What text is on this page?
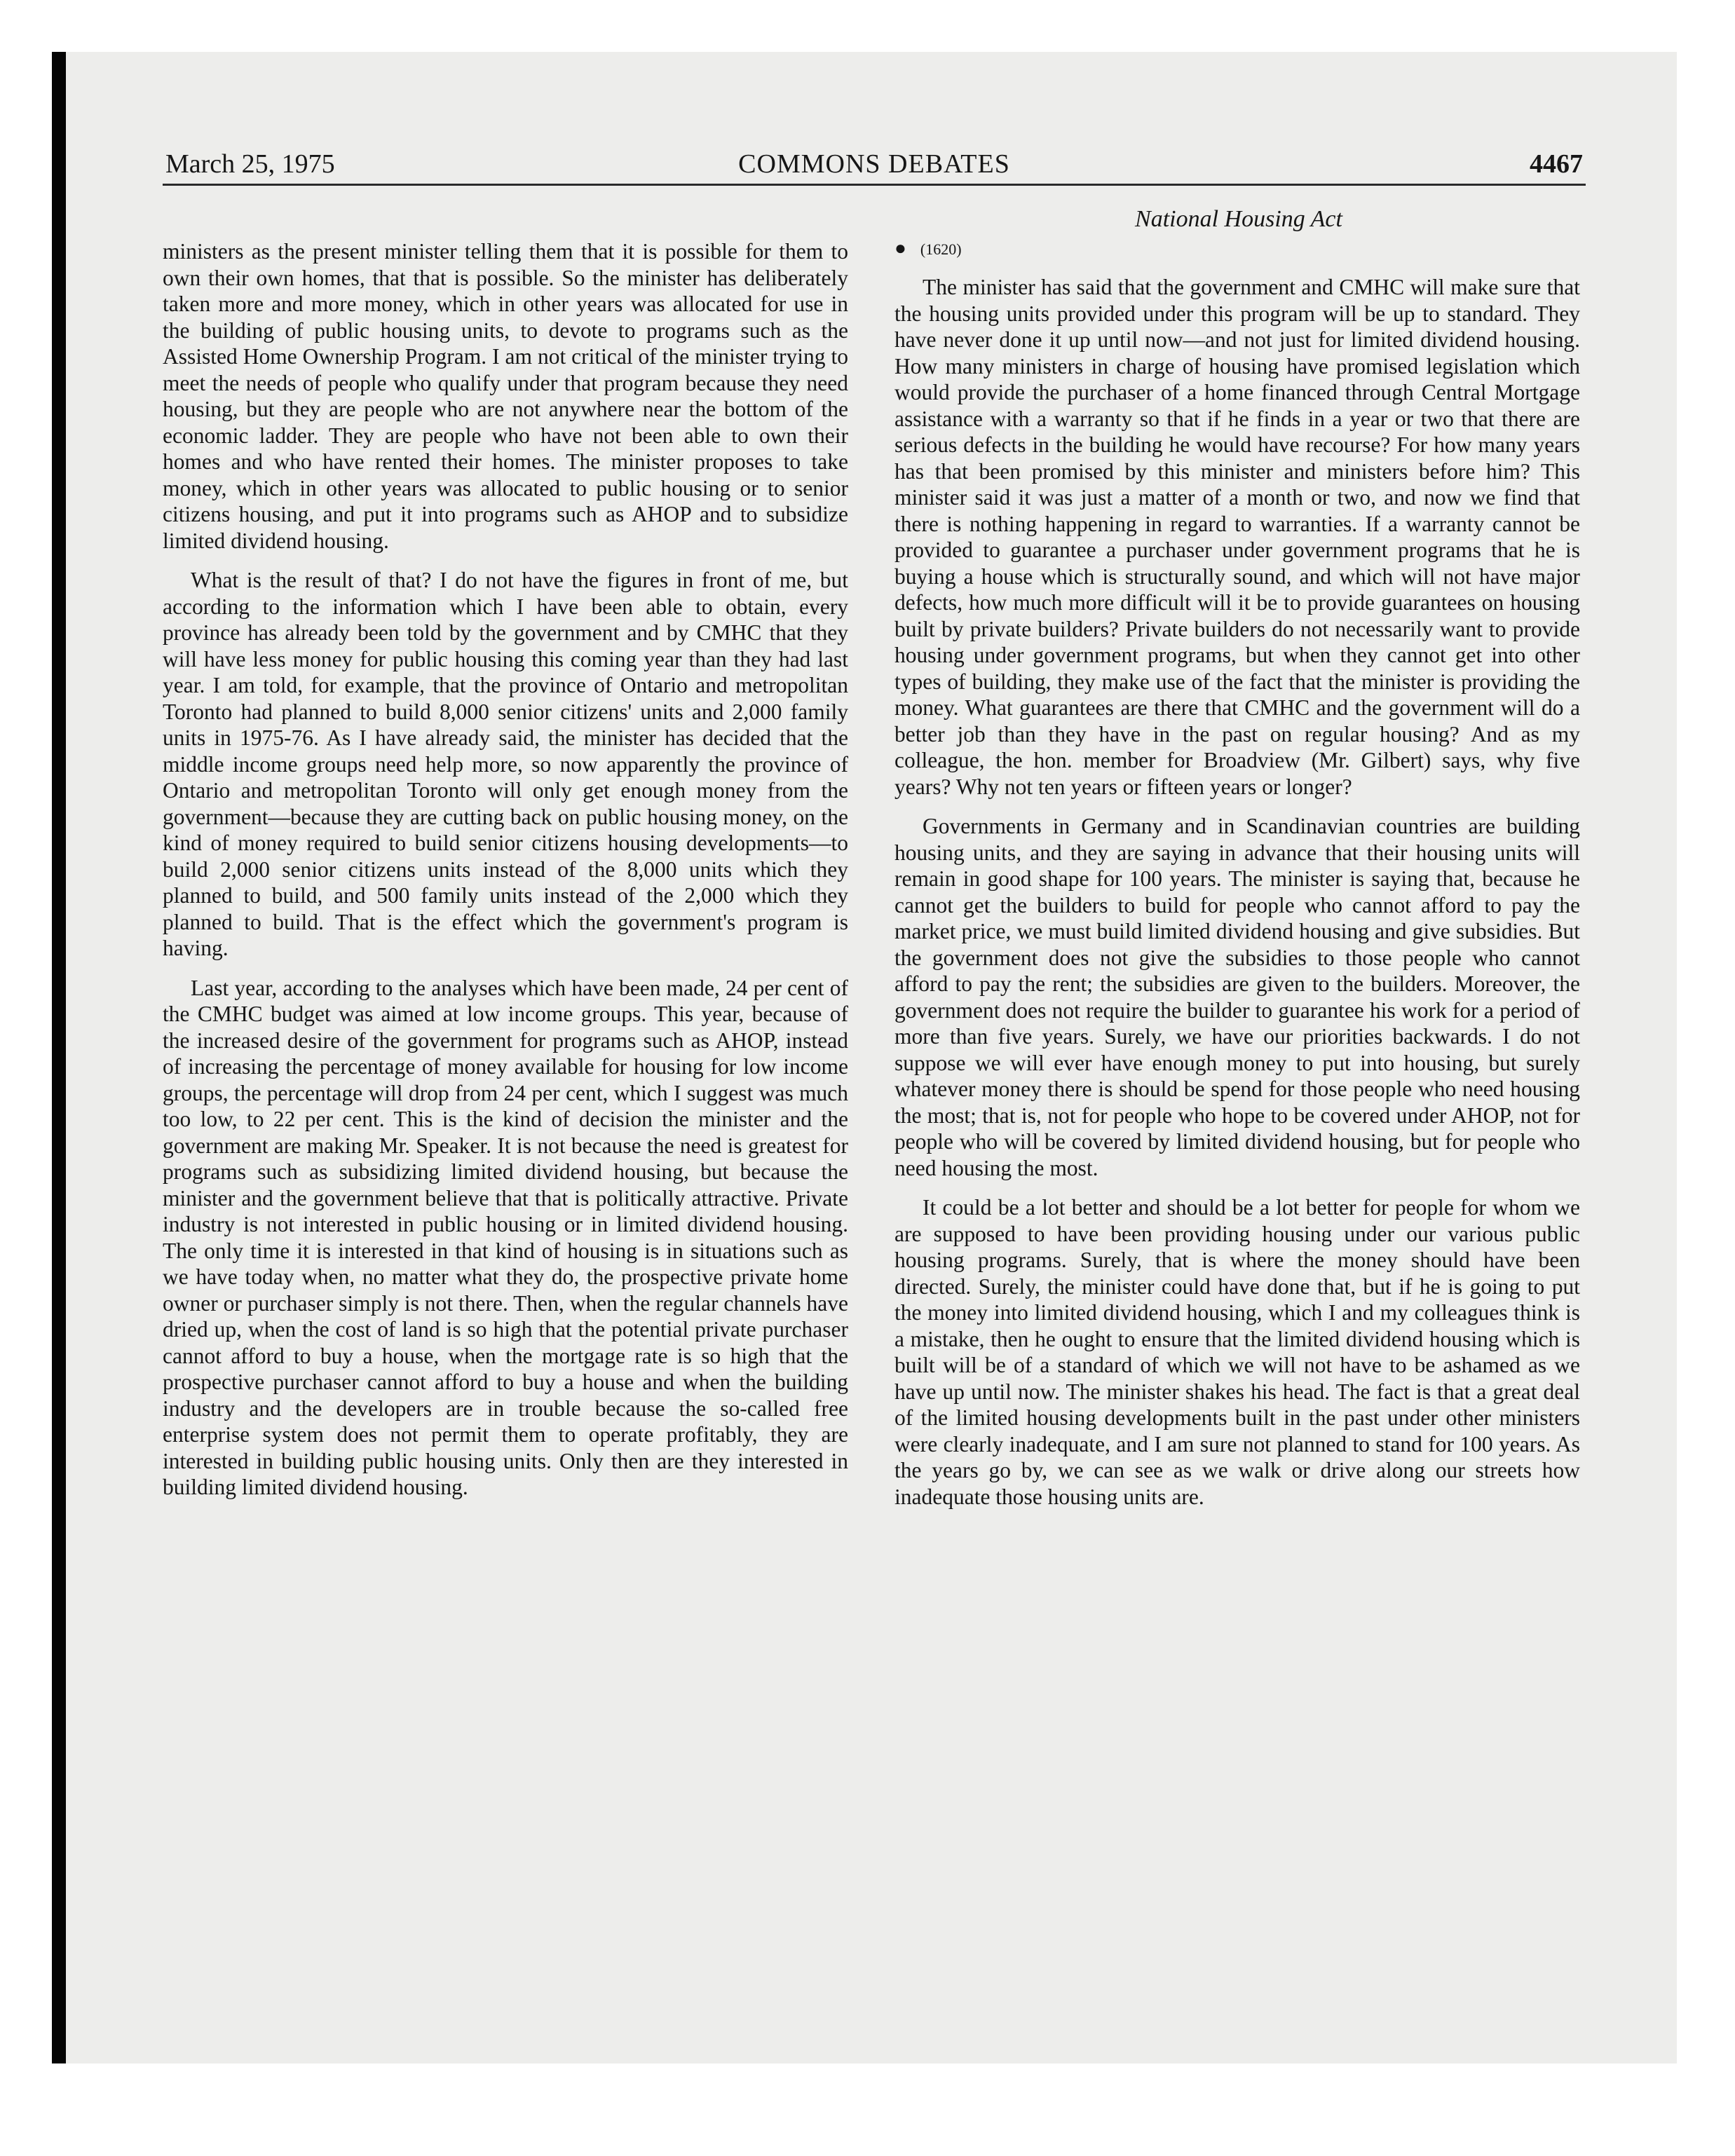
March 25, 1975	COMMONS DEBATES	4467
National Housing Act

ministers as the present minister telling them that it is possible for them to own their own homes, that that is possible. So the minister has deliberately taken more and more money, which in other years was allocated for use in the building of public housing units, to devote to programs such as the Assisted Home Ownership Program. I am not critical of the minister trying to meet the needs of people who qualify under that program because they need housing, but they are people who are not anywhere near the bottom of the economic ladder. They are people who have not been able to own their homes and who have rented their homes. The minister proposes to take money, which in other years was allocated to public housing or to senior citizens housing, and put it into programs such as AHOP and to subsidize limited dividend housing.

What is the result of that? I do not have the figures in front of me, but according to the information which I have been able to obtain, every province has already been told by the government and by CMHC that they will have less money for public housing this coming year than they had last year. I am told, for example, that the province of Ontario and metropolitan Toronto had planned to build 8,000 senior citizens' units and 2,000 family units in 1975-76. As I have already said, the minister has decided that the middle income groups need help more, so now apparently the province of Ontario and metropolitan Toronto will only get enough money from the government—because they are cutting back on public housing money, on the kind of money required to build senior citizens housing developments—to build 2,000 senior citizens units instead of the 8,000 units which they planned to build, and 500 family units instead of the 2,000 which they planned to build. That is the effect which the government's program is having.

Last year, according to the analyses which have been made, 24 per cent of the CMHC budget was aimed at low income groups. This year, because of the increased desire of the government for programs such as AHOP, instead of increasing the percentage of money available for housing for low income groups, the percentage will drop from 24 per cent, which I suggest was much too low, to 22 per cent. This is the kind of decision the minister and the government are making Mr. Speaker. It is not because the need is greatest for programs such as subsidizing limited dividend housing, but because the minister and the government believe that that is politically attractive. Private industry is not interested in public housing or in limited dividend housing. The only time it is interested in that kind of housing is in situations such as we have today when, no matter what they do, the prospective private home owner or purchaser simply is not there. Then, when the regular channels have dried up, when the cost of land is so high that the potential private purchaser cannot afford to buy a house, when the mortgage rate is so high that the prospective purchaser cannot afford to buy a house and when the building industry and the developers are in trouble because the so-called free enterprise system does not permit them to operate profitably, they are interested in building public housing units. Only then are they interested in building limited dividend housing.

● (1620)

The minister has said that the government and CMHC will make sure that the housing units provided under this program will be up to standard. They have never done it up until now—and not just for limited dividend housing. How many ministers in charge of housing have promised legislation which would provide the purchaser of a home financed through Central Mortgage assistance with a warranty so that if he finds in a year or two that there are serious defects in the building he would have recourse? For how many years has that been promised by this minister and ministers before him? This minister said it was just a matter of a month or two, and now we find that there is nothing happening in regard to warranties. If a warranty cannot be provided to guarantee a purchaser under government programs that he is buying a house which is structurally sound, and which will not have major defects, how much more difficult will it be to provide guarantees on housing built by private builders? Private builders do not necessarily want to provide housing under government programs, but when they cannot get into other types of building, they make use of the fact that the minister is providing the money. What guarantees are there that CMHC and the government will do a better job than they have in the past on regular housing? And as my colleague, the hon. member for Broadview (Mr. Gilbert) says, why five years? Why not ten years or fifteen years or longer?

Governments in Germany and in Scandinavian countries are building housing units, and they are saying in advance that their housing units will remain in good shape for 100 years. The minister is saying that, because he cannot get the builders to build for people who cannot afford to pay the market price, we must build limited dividend housing and give subsidies. But the government does not give the subsidies to those people who cannot afford to pay the rent; the subsidies are given to the builders. Moreover, the government does not require the builder to guarantee his work for a period of more than five years. Surely, we have our priorities backwards. I do not suppose we will ever have enough money to put into housing, but surely whatever money there is should be spend for those people who need housing the most; that is, not for people who hope to be covered under AHOP, not for people who will be covered by limited dividend housing, but for people who need housing the most.

It could be a lot better and should be a lot better for people for whom we are supposed to have been providing housing under our various public housing programs. Surely, that is where the money should have been directed. Surely, the minister could have done that, but if he is going to put the money into limited dividend housing, which I and my colleagues think is a mistake, then he ought to ensure that the limited dividend housing which is built will be of a standard of which we will not have to be ashamed as we have up until now. The minister shakes his head. The fact is that a great deal of the limited housing developments built in the past under other ministers were clearly inadequate, and I am sure not planned to stand for 100 years. As the years go by, we can see as we walk or drive along our streets how inadequate those housing units are.
